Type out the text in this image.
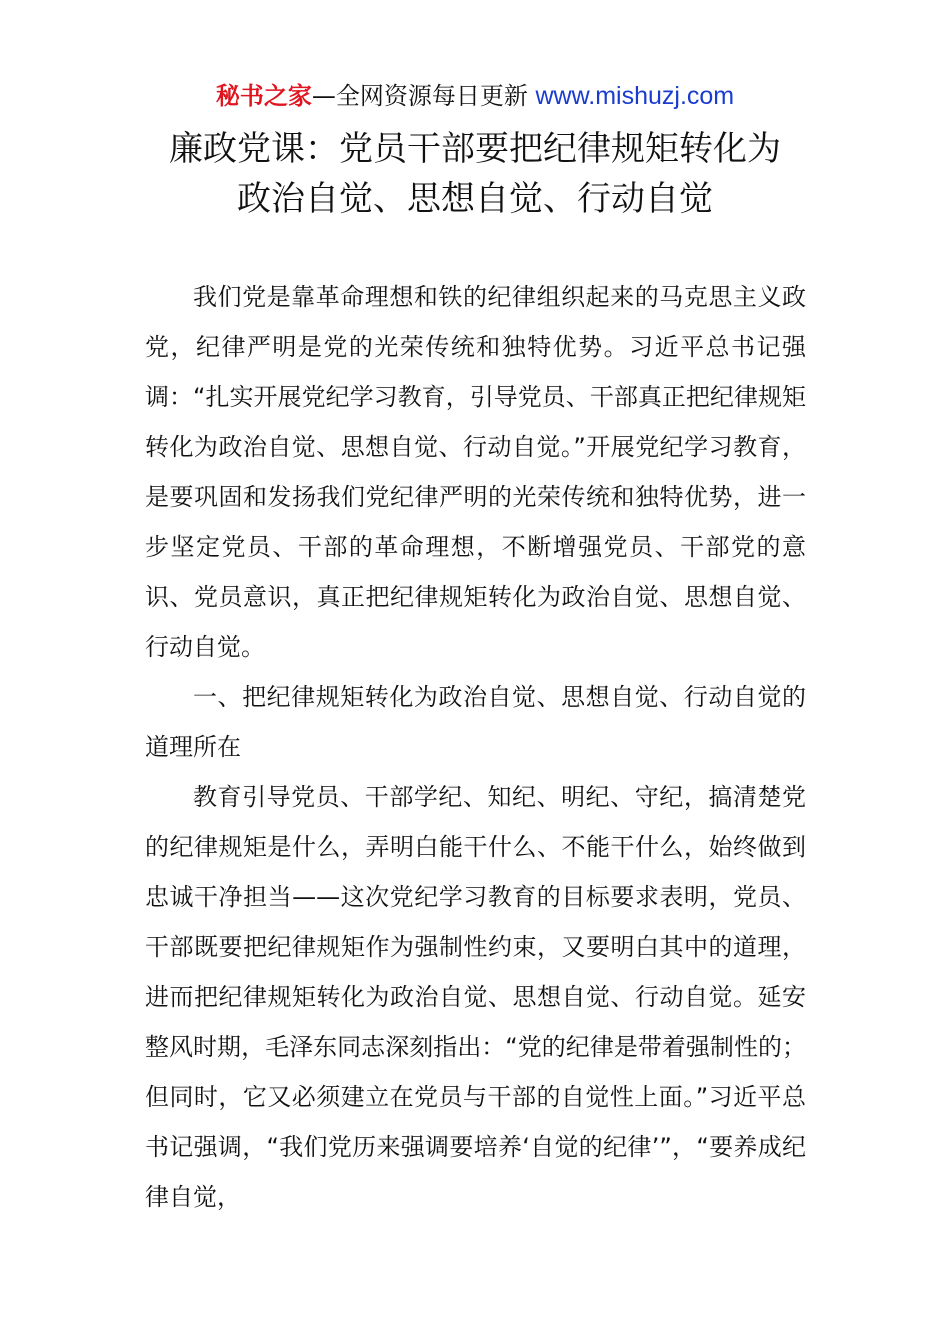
秘书之家—全网资源每日更新 www.mishuzj.com
廉政党课：党员干部要把纪律规矩转化为
政治自觉、思想自觉、行动自觉

我们党是靠革命理想和铁的纪律组织起来的马克思主义政党，纪律严明是党的光荣传统和独特优势。习近平总书记强调：“扎实开展党纪学习教育，引导党员、干部真正把纪律规矩转化为政治自觉、思想自觉、行动自觉。”开展党纪学习教育，是要巩固和发扬我们党纪律严明的光荣传统和独特优势，进一步坚定党员、干部的革命理想，不断增强党员、干部党的意识、党员意识，真正把纪律规矩转化为政治自觉、思想自觉、行动自觉。

一、把纪律规矩转化为政治自觉、思想自觉、行动自觉的道理所在

教育引导党员、干部学纪、知纪、明纪、守纪，搞清楚党的纪律规矩是什么，弄明白能干什么、不能干什么，始终做到忠诚干净担当——这次党纪学习教育的目标要求表明，党员、干部既要把纪律规矩作为强制性约束，又要明白其中的道理，进而把纪律规矩转化为政治自觉、思想自觉、行动自觉。延安整风时期，毛泽东同志深刻指出：“党的纪律是带着强制性的；但同时，它又必须建立在党员与干部的自觉性上面。”习近平总书记强调，“我们党历来强调要培养‘自觉的纪律’”，“要养成纪律自觉，
